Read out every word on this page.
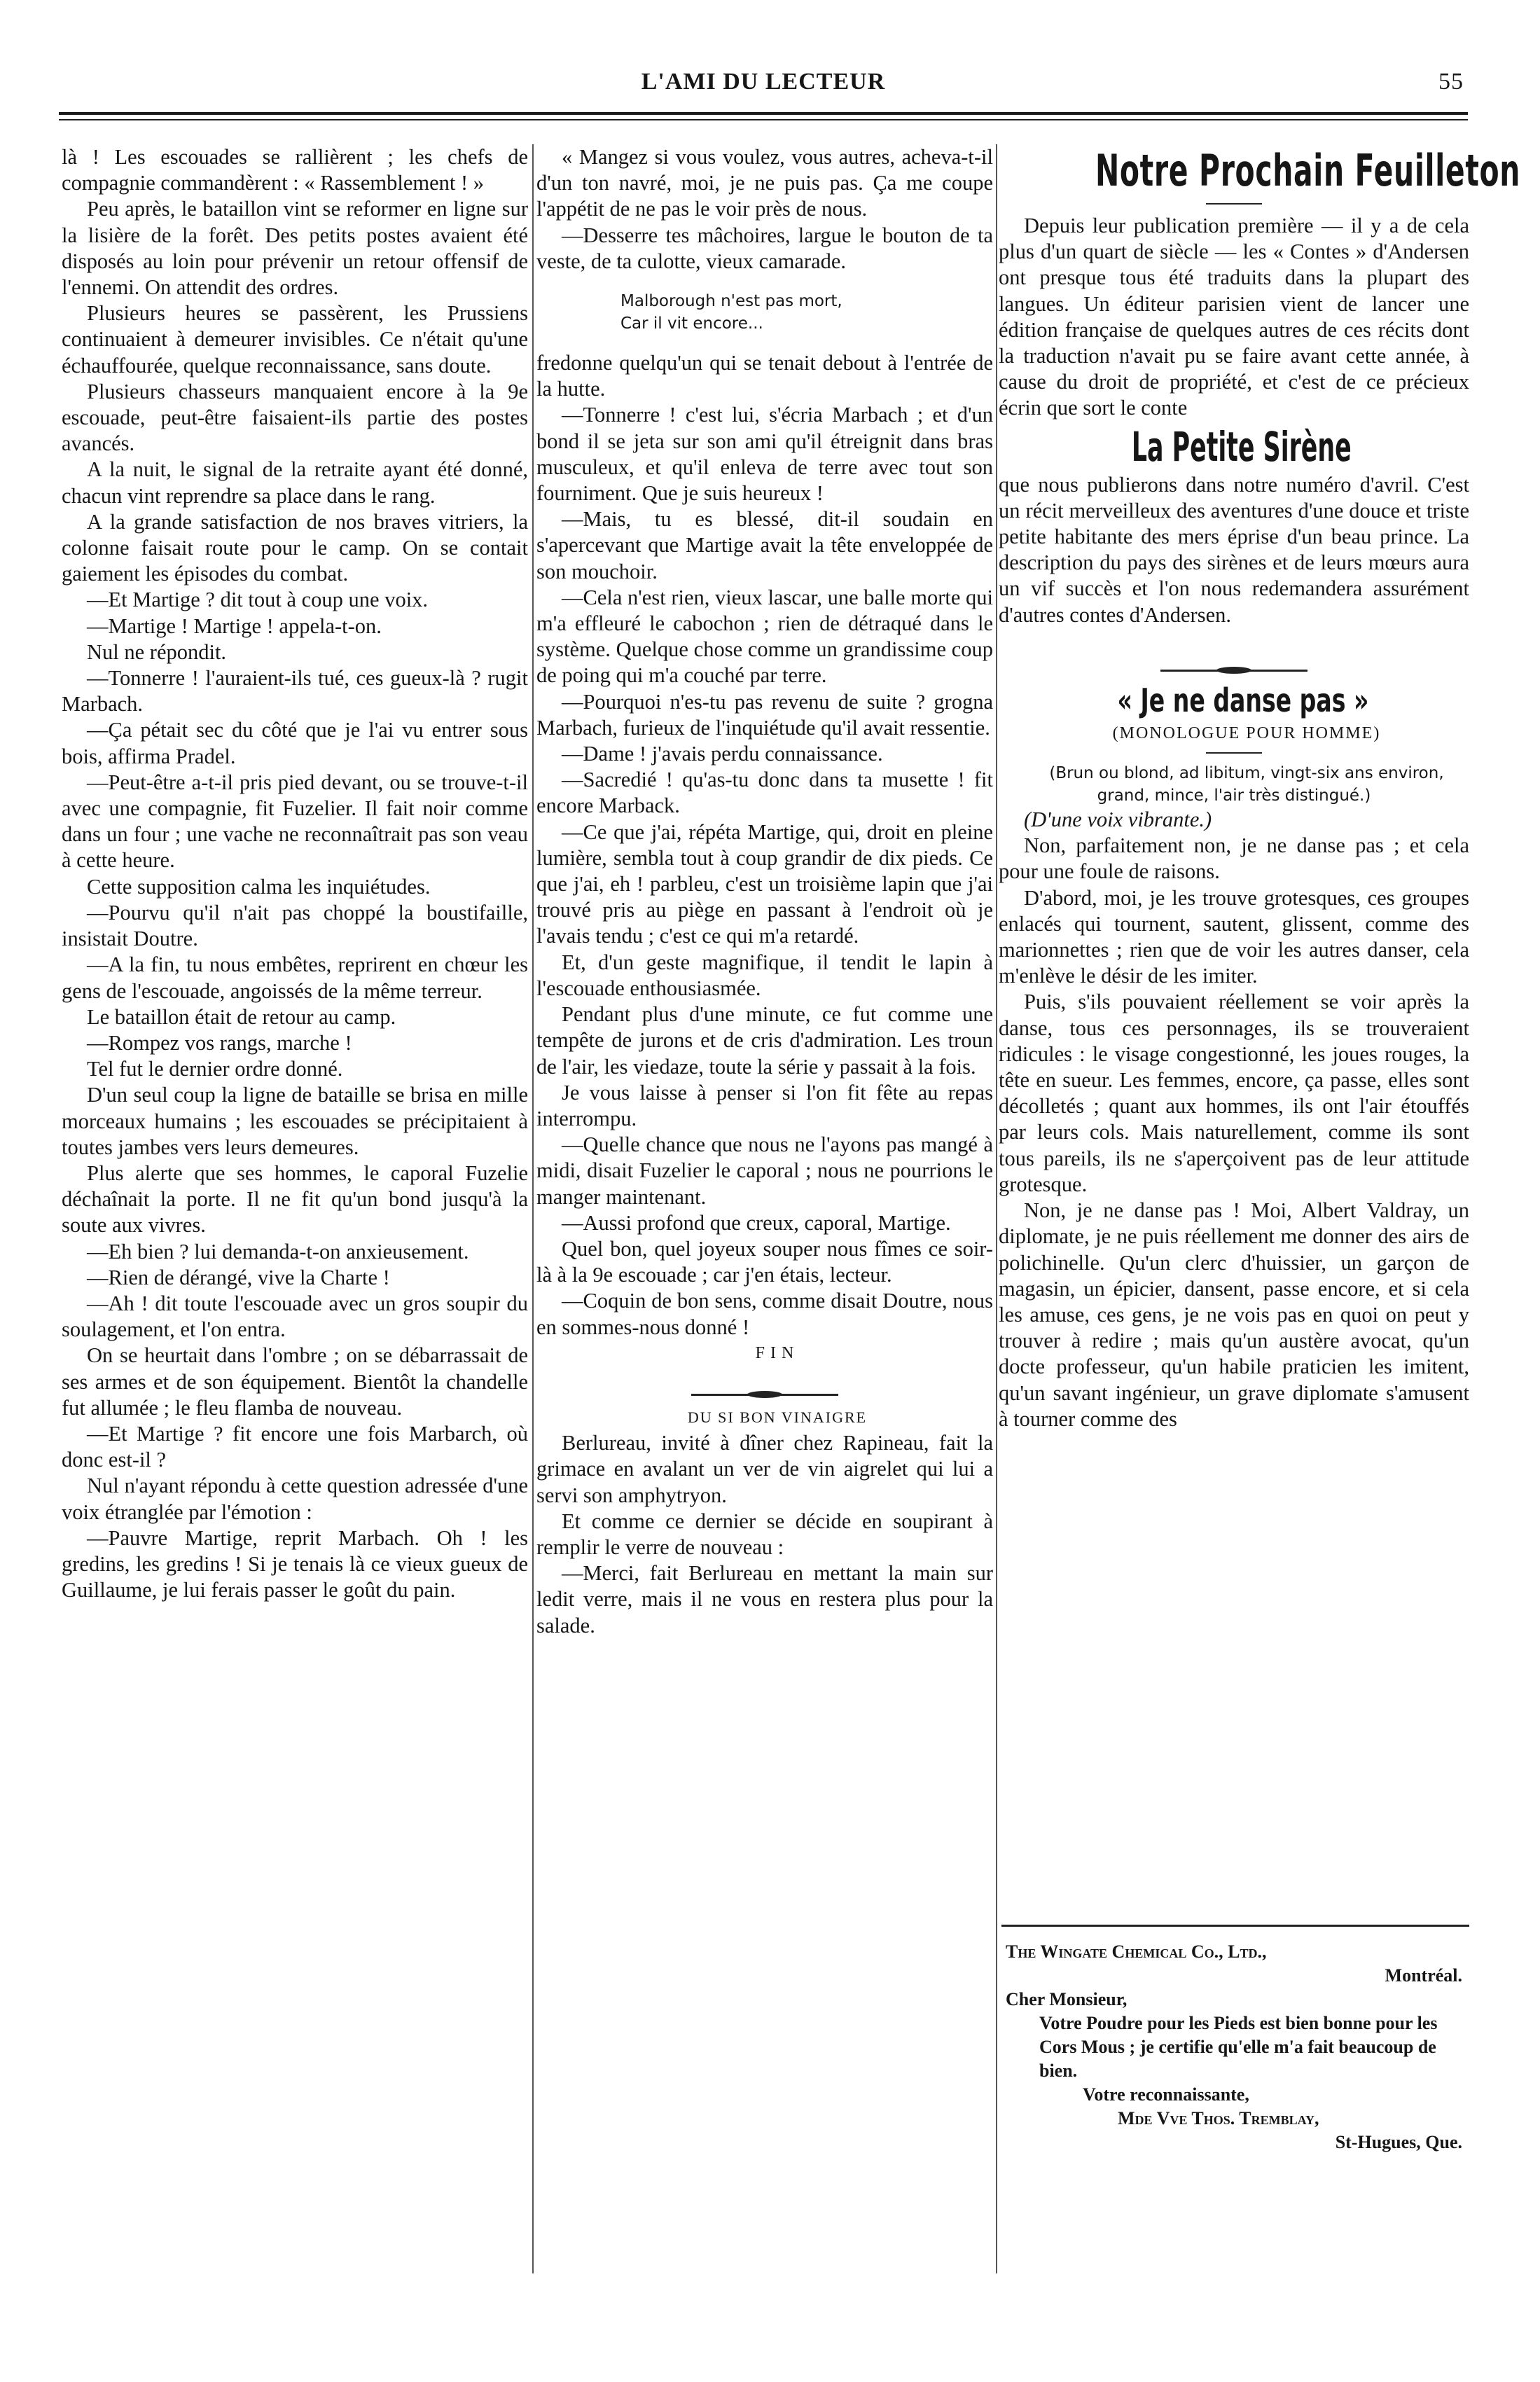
L'AMI DU LECTEUR	55

là ! Les escouades se rallièrent ; les chefs de compagnie commandèrent : « Rassemblement ! »

Peu après, le bataillon vint se reformer en ligne sur la lisière de la forêt. Des petits postes avaient été disposés au loin pour prévenir un retour offensif de l'ennemi. On attendit des ordres.

Plusieurs heures se passèrent, les Prussiens continuaient à demeurer invisibles. Ce n'était qu'une échauffourée, quelque reconnaissance, sans doute.

Plusieurs chasseurs manquaient encore à la 9e escouade, peut-être faisaient-ils partie des postes avancés.

A la nuit, le signal de la retraite ayant été donné, chacun vint reprendre sa place dans le rang.

A la grande satisfaction de nos braves vitriers, la colonne faisait route pour le camp. On se contait gaiement les épisodes du combat.

—Et Martige ? dit tout à coup une voix.

—Martige ! Martige ! appela-t-on.

Nul ne répondit.

—Tonnerre ! l'auraient-ils tué, ces gueux-là ? rugit Marbach.

—Ça pétait sec du côté que je l'ai vu entrer sous bois, affirma Pradel.

—Peut-être a-t-il pris pied devant, ou se trouve-t-il avec une compagnie, fit Fuzelier. Il fait noir comme dans un four ; une vache ne reconnaîtrait pas son veau à cette heure.

Cette supposition calma les inquiétudes.

—Pourvu qu'il n'ait pas choppé la boustifaille, insistait Doutre.

—A la fin, tu nous embêtes, reprirent en chœur les gens de l'escouade, angoissés de la même terreur.

Le bataillon était de retour au camp.

—Rompez vos rangs, marche !

Tel fut le dernier ordre donné.

D'un seul coup la ligne de bataille se brisa en mille morceaux humains ; les escouades se précipitaient à toutes jambes vers leurs demeures.

Plus alerte que ses hommes, le caporal Fuzelie déchaînait la porte. Il ne fit qu'un bond jusqu'à la soute aux vivres.

—Eh bien ? lui demanda-t-on anxieusement.

—Rien de dérangé, vive la Charte !

—Ah ! dit toute l'escouade avec un gros soupir du soulagement, et l'on entra.

On se heurtait dans l'ombre ; on se débarrassait de ses armes et de son équipement. Bientôt la chandelle fut allumée ; le fleu flamba de nouveau.

—Et Martige ? fit encore une fois Marbarch, où donc est-il ?

Nul n'ayant répondu à cette question adressée d'une voix étranglée par l'émotion :

—Pauvre Martige, reprit Marbach. Oh ! les gredins, les gredins ! Si je tenais là ce vieux gueux de Guillaume, je lui ferais passer le goût du pain.

« Mangez si vous voulez, vous autres, acheva-t-il d'un ton navré, moi, je ne puis pas. Ça me coupe l'appétit de ne pas le voir près de nous.

—Desserre tes mâchoires, largue le bouton de ta veste, de ta culotte, vieux camarade.

Malborough n'est pas mort,

Car il vit encore...

fredonne quelqu'un qui se tenait debout à l'entrée de la hutte.

—Tonnerre ! c'est lui, s'écria Marbach ; et d'un bond il se jeta sur son ami qu'il étreignit dans bras musculeux, et qu'il enleva de terre avec tout son fourniment. Que je suis heureux !

—Mais, tu es blessé, dit-il soudain en s'apercevant que Martige avait la tête enveloppée de son mouchoir.

—Cela n'est rien, vieux lascar, une balle morte qui m'a effleuré le cabochon ; rien de détraqué dans le système. Quelque chose comme un grandissime coup de poing qui m'a couché par terre.

—Pourquoi n'es-tu pas revenu de suite ? grogna Marbach, furieux de l'inquiétude qu'il avait ressentie.

—Dame ! j'avais perdu connaissance.

—Sacredié ! qu'as-tu donc dans ta musette ! fit encore Marback.

—Ce que j'ai, répéta Martige, qui, droit en pleine lumière, sembla tout à coup grandir de dix pieds. Ce que j'ai, eh ! parbleu, c'est un troisième lapin que j'ai trouvé pris au piège en passant à l'endroit où je l'avais tendu ; c'est ce qui m'a retardé.

Et, d'un geste magnifique, il tendit le lapin à l'escouade enthousiasmée.

Pendant plus d'une minute, ce fut comme une tempête de jurons et de cris d'admiration. Les troun de l'air, les viedaze, toute la série y passait à la fois.

Je vous laisse à penser si l'on fit fête au repas interrompu.

—Quelle chance que nous ne l'ayons pas mangé à midi, disait Fuzelier le caporal ; nous ne pourrions le manger maintenant.

—Aussi profond que creux, caporal, Martige.

Quel bon, quel joyeux souper nous fîmes ce soir-là à la 9e escouade ; car j'en étais, lecteur.

—Coquin de bon sens, comme disait Doutre, nous en sommes-nous donné !

FIN

DU SI BON VINAIGRE

Berlureau, invité à dîner chez Rapineau, fait la grimace en avalant un ver de vin aigrelet qui lui a servi son amphytryon.

Et comme ce dernier se décide en soupirant à remplir le verre de nouveau :

—Merci, fait Berlureau en mettant la main sur ledit verre, mais il ne vous en restera plus pour la salade.

Notre Prochain Feuilleton

Depuis leur publication première — il y a de cela plus d'un quart de siècle — les « Contes » d'Andersen ont presque tous été traduits dans la plupart des langues. Un éditeur parisien vient de lancer une édition française de quelques autres de ces récits dont la traduction n'avait pu se faire avant cette année, à cause du droit de propriété, et c'est de ce précieux écrin que sort le conte

La Petite Sirène

que nous publierons dans notre numéro d'avril. C'est un récit merveilleux des aventures d'une douce et triste petite habitante des mers éprise d'un beau prince. La description du pays des sirènes et de leurs mœurs aura un vif succès et l'on nous redemandera assurément d'autres contes d'Andersen.

« Je ne danse pas »

(MONOLOGUE POUR HOMME)

(Brun ou blond, ad libitum, vingt-six ans environ, grand, mince, l'air très distingué.)

(D'une voix vibrante.)

Non, parfaitement non, je ne danse pas ; et cela pour une foule de raisons.

D'abord, moi, je les trouve grotesques, ces groupes enlacés qui tournent, sautent, glissent, comme des marionnettes ; rien que de voir les autres danser, cela m'enlève le désir de les imiter.

Puis, s'ils pouvaient réellement se voir après la danse, tous ces personnages, ils se trouveraient ridicules : le visage congestionné, les joues rouges, la tête en sueur. Les femmes, encore, ça passe, elles sont décolletés ; quant aux hommes, ils ont l'air étouffés par leurs cols. Mais naturellement, comme ils sont tous pareils, ils ne s'aperçoivent pas de leur attitude grotesque.

Non, je ne danse pas ! Moi, Albert Valdray, un diplomate, je ne puis réellement me donner des airs de polichinelle. Qu'un clerc d'huissier, un garçon de magasin, un épicier, dansent, passe encore, et si cela les amuse, ces gens, je ne vois pas en quoi on peut y trouver à redire ; mais qu'un austère avocat, qu'un docte professeur, qu'un habile praticien les imitent, qu'un savant ingénieur, un grave diplomate s'amusent à tourner comme des

The Wingate Chemical Co., Ltd.,

Montréal.

Cher Monsieur,

Votre Poudre pour les Pieds est bien bonne pour les Cors Mous ; je certifie qu'elle m'a fait beaucoup de bien.

Votre reconnaissante,

Mde Vve Thos. Tremblay,

St-Hugues, Que.
